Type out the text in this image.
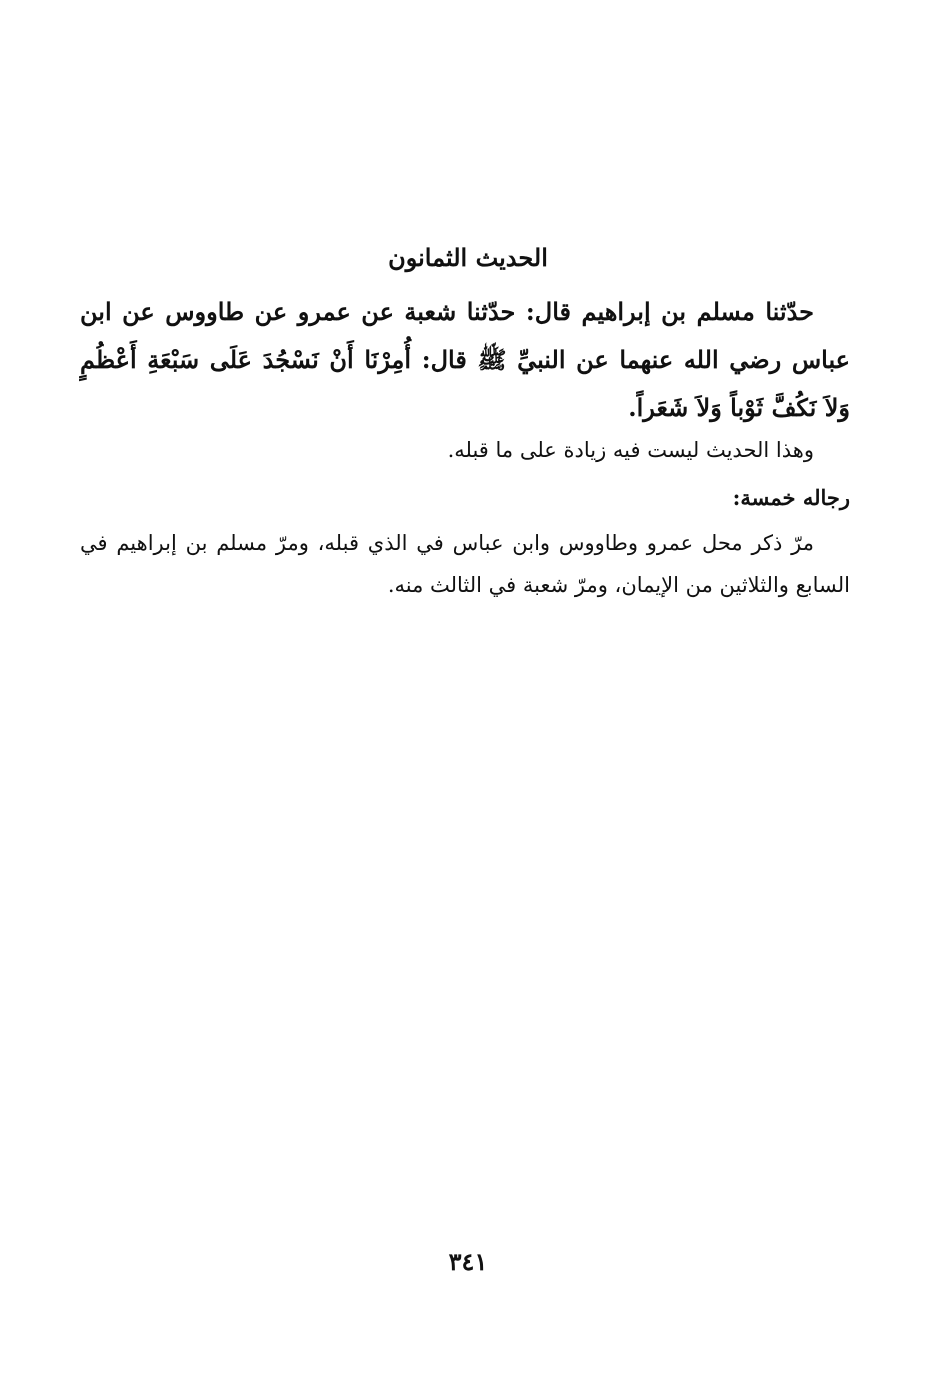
الحديث الثمانون
حدّثنا مسلم بن إبراهيم قال: حدّثنا شعبة عن عمرو عن طاووس عن ابن عباس رضي الله عنهما عن النبيِّ ﷺ قال: أُمِرْنَا أَنْ نَسْجُدَ عَلَى سَبْعَةِ أَعْظُمٍ وَلاَ نَكُفَّ ثَوْباً وَلاَ شَعَراً.
وهذا الحديث ليست فيه زيادة على ما قبله.
رجاله خمسة:
مرّ ذكر محل عمرو وطاووس وابن عباس في الذي قبله، ومرّ مسلم بن إبراهيم في السابع والثلاثين من الإيمان، ومرّ شعبة في الثالث منه.
٣٤١
